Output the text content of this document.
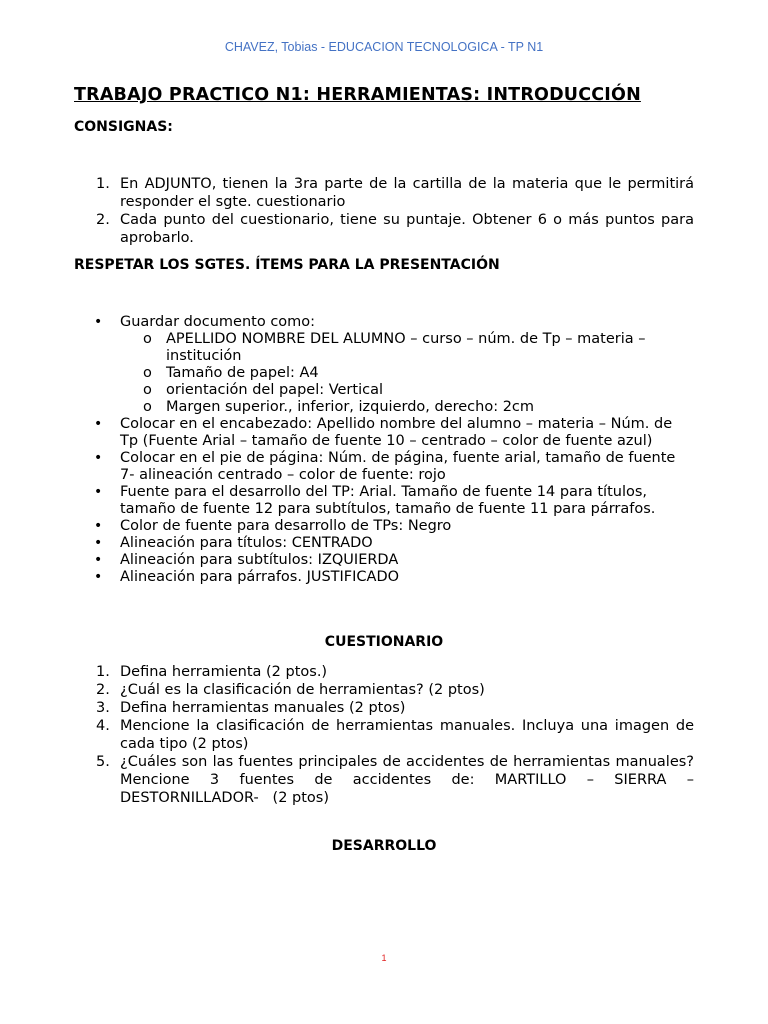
CHAVEZ, Tobias - EDUCACION TECNOLOGICA - TP N1
TRABAJO PRACTICO N1: HERRAMIENTAS: INTRODUCCIÓN
CONSIGNAS:
1. En ADJUNTO, tienen la 3ra parte de la cartilla de la materia que le permitirá responder el sgte. cuestionario
2. Cada punto del cuestionario, tiene su puntaje. Obtener 6 o más puntos para aprobarlo.
RESPETAR LOS SGTES. ÍTEMS PARA LA PRESENTACIÓN
• Guardar documento como:
o APELLIDO NOMBRE DEL ALUMNO – curso – núm. de Tp – materia – institución
o Tamaño de papel: A4
o orientación del papel: Vertical
o Margen superior., inferior, izquierdo, derecho: 2cm
• Colocar en el encabezado: Apellido nombre del alumno – materia – Núm. de Tp (Fuente Arial – tamaño de fuente 10 – centrado – color de fuente azul)
• Colocar en el pie de página: Núm. de página, fuente arial, tamaño de fuente 7- alineación centrado – color de fuente: rojo
• Fuente para el desarrollo del TP: Arial. Tamaño de fuente 14 para títulos, tamaño de fuente 12 para subtítulos, tamaño de fuente 11 para párrafos.
• Color de fuente para desarrollo de TPs: Negro
• Alineación para títulos: CENTRADO
• Alineación para subtítulos: IZQUIERDA
• Alineación para párrafos. JUSTIFICADO
CUESTIONARIO
1. Defina herramienta (2 ptos.)
2. ¿Cuál es la clasificación de herramientas? (2 ptos)
3. Defina herramientas manuales (2 ptos)
4. Mencione la clasificación de herramientas manuales. Incluya una imagen de cada tipo (2 ptos)
5. ¿Cuáles son las fuentes principales de accidentes de herramientas manuales? Mencione 3 fuentes de accidentes de: MARTILLO – SIERRA – DESTORNILLADOR-   (2 ptos)
DESARROLLO
1
